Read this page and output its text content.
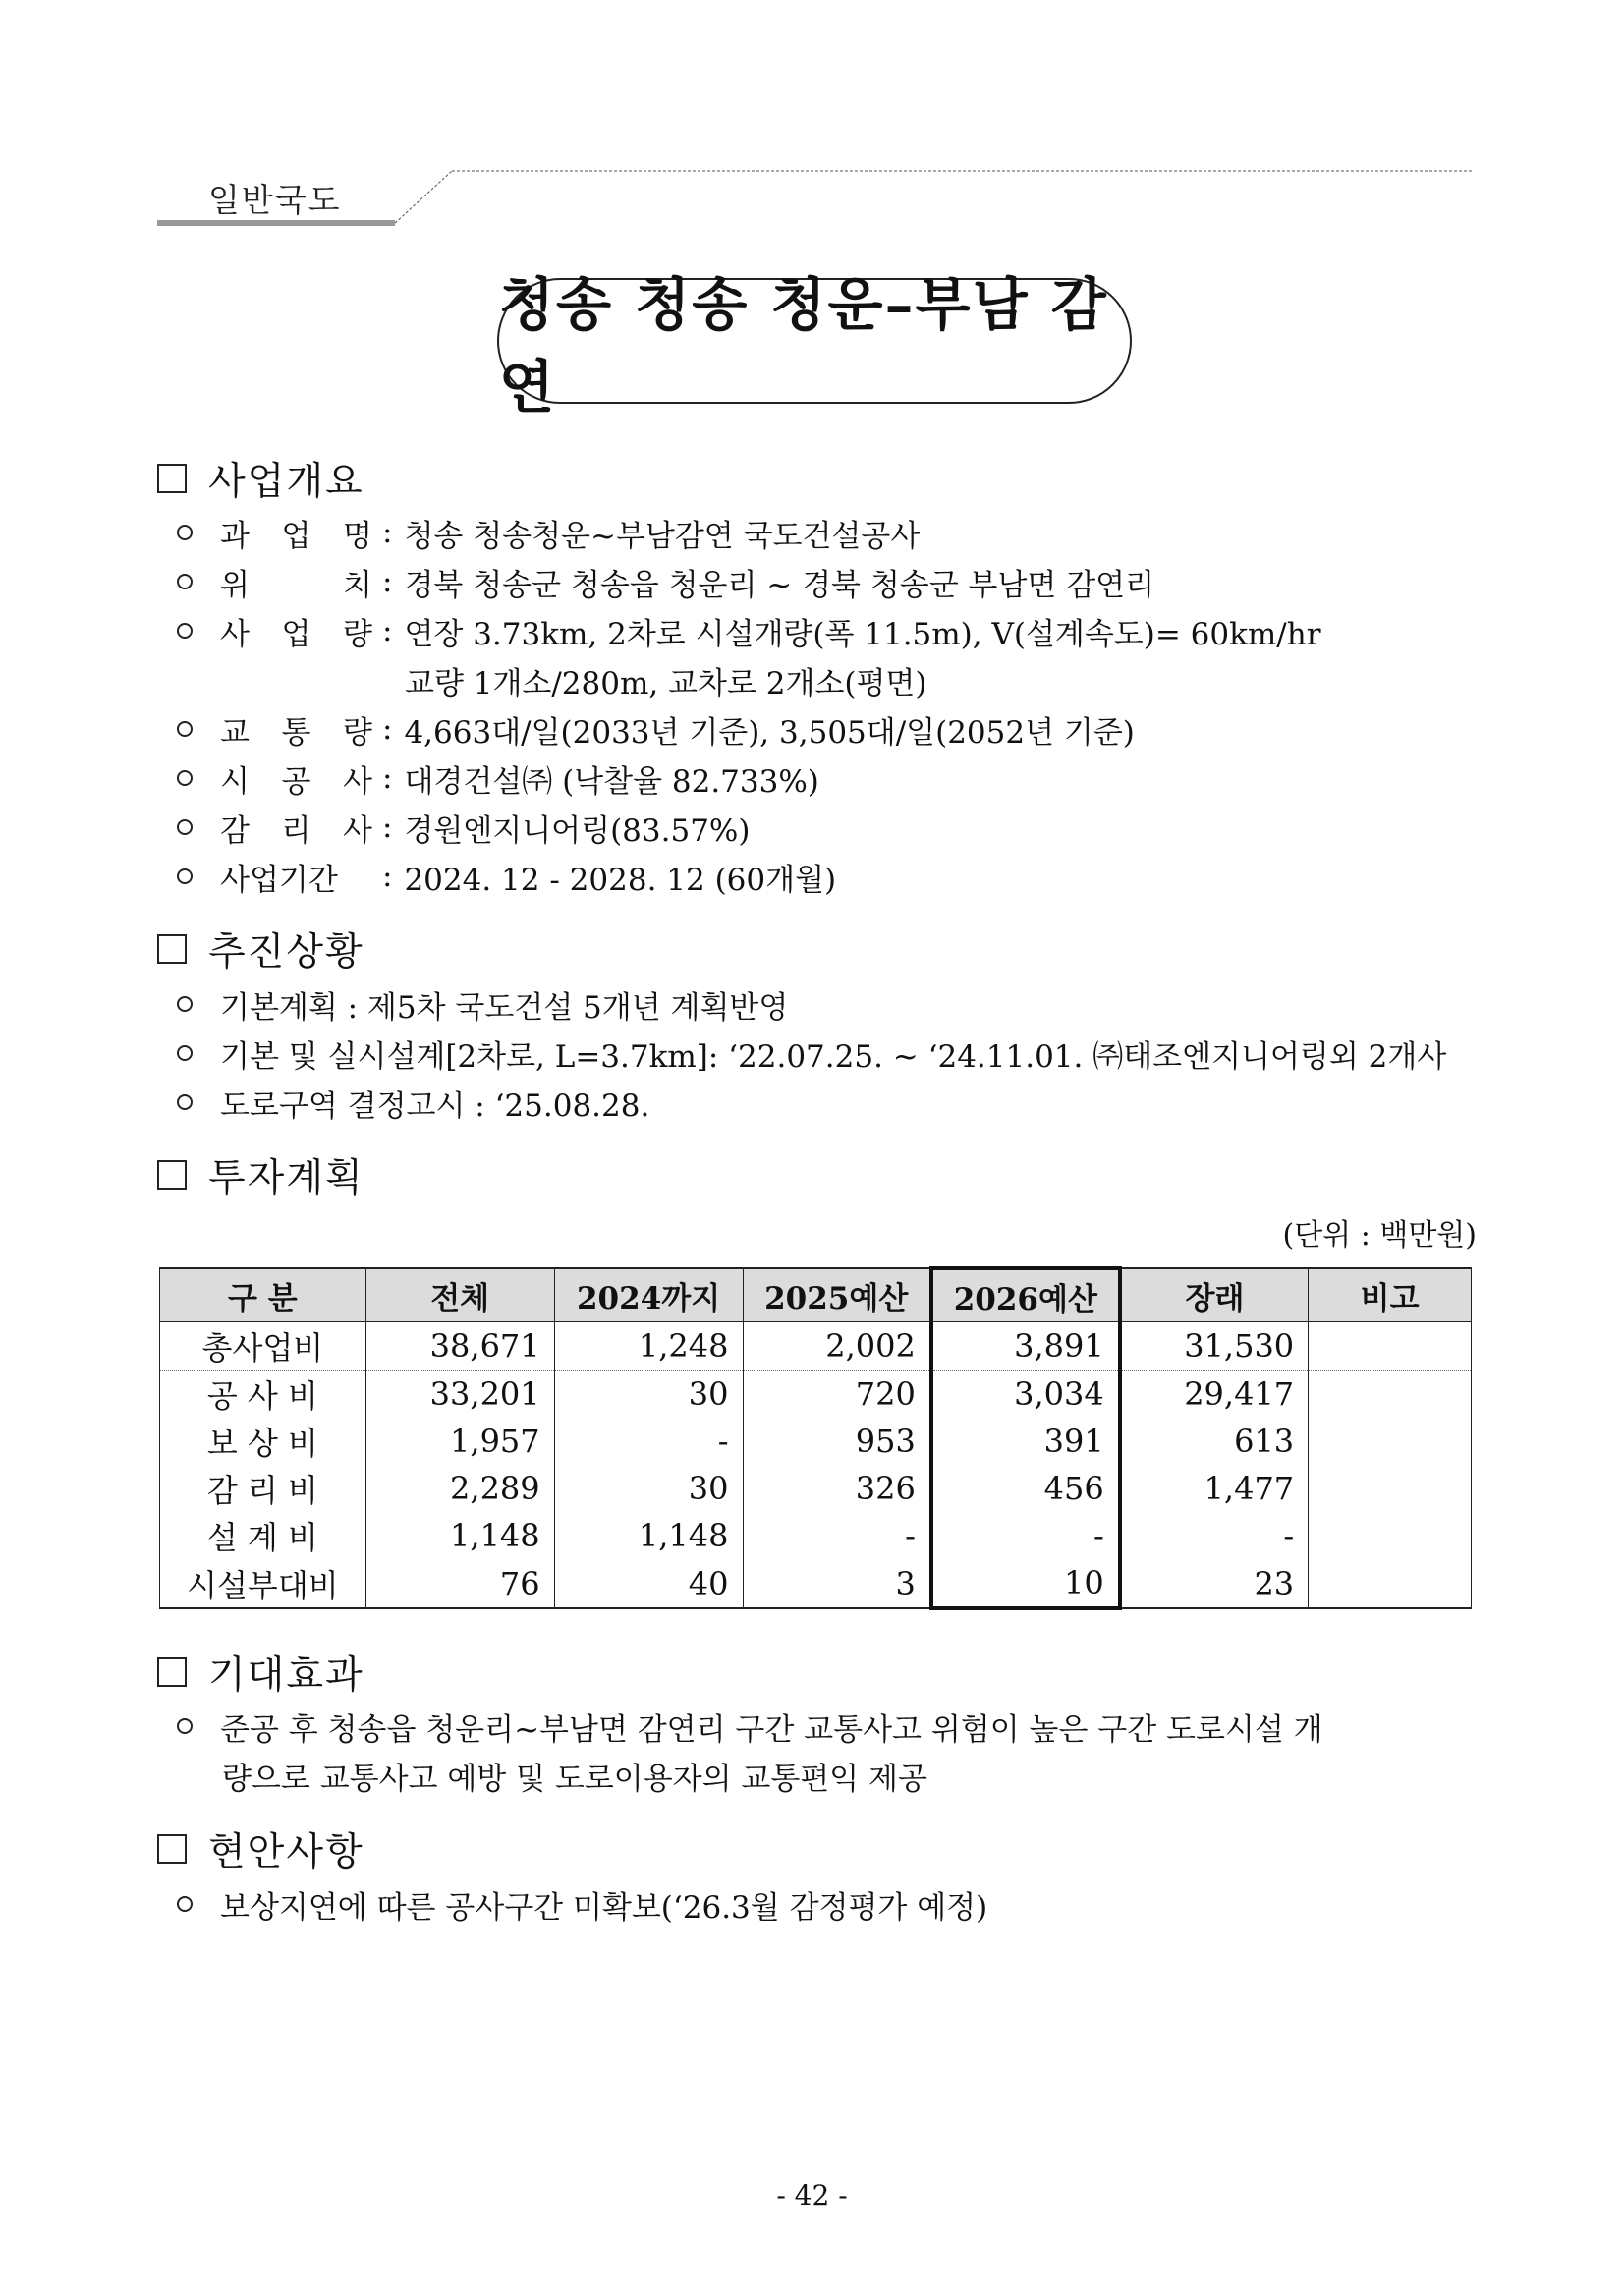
일반국도
청송 청송 청운–부남 감연
사업개요
과 업 명 : 청송 청송청운~부남감연 국도건설공사
위 치 : 경북 청송군 청송읍 청운리 ~ 경북 청송군 부남면 감연리
사 업 량 : 연장 3.73km, 2차로 시설개량(폭 11.5m), V(설계속도)= 60km/hr
교량 1개소/280m, 교차로 2개소(평면)
교 통 량 : 4,663대/일(2033년 기준), 3,505대/일(2052년 기준)
시 공 사 : 대경건설㈜ (낙찰율 82.733%)
감 리 사 : 경원엔지니어링(83.57%)
사업기간	: 2024. 12 - 2028. 12 (60개월)
추진상황
기본계획 : 제5차 국도건설 5개년 계획반영
기본 및 실시설계[2차로, L=3.7km]: ‘22.07.25. ~ ‘24.11.01. ㈜태조엔지니어링외 2개사
도로구역 결정고시 : ‘25.08.28.
투자계획
(단위 : 백만원)
구 분	전체	2024까지	2025예산	2026예산	장래	비고
총사업비	38,671	1,248	2,002	3,891	31,530	
공 사 비	33,201	30	720	3,034	29,417	
보 상 비	1,957	-	953	391	613	
감 리 비	2,289	30	326	456	1,477	
설 계 비	1,148	1,148	-	-	-	
시설부대비	76	40	3	10	23	
기대효과
준공 후 청송읍 청운리~부남면 감연리 구간 교통사고 위험이 높은 구간 도로시설 개
량으로 교통사고 예방 및 도로이용자의 교통편익 제공
현안사항
보상지연에 따른 공사구간 미확보(‘26.3월 감정평가 예정)
- 42 -
